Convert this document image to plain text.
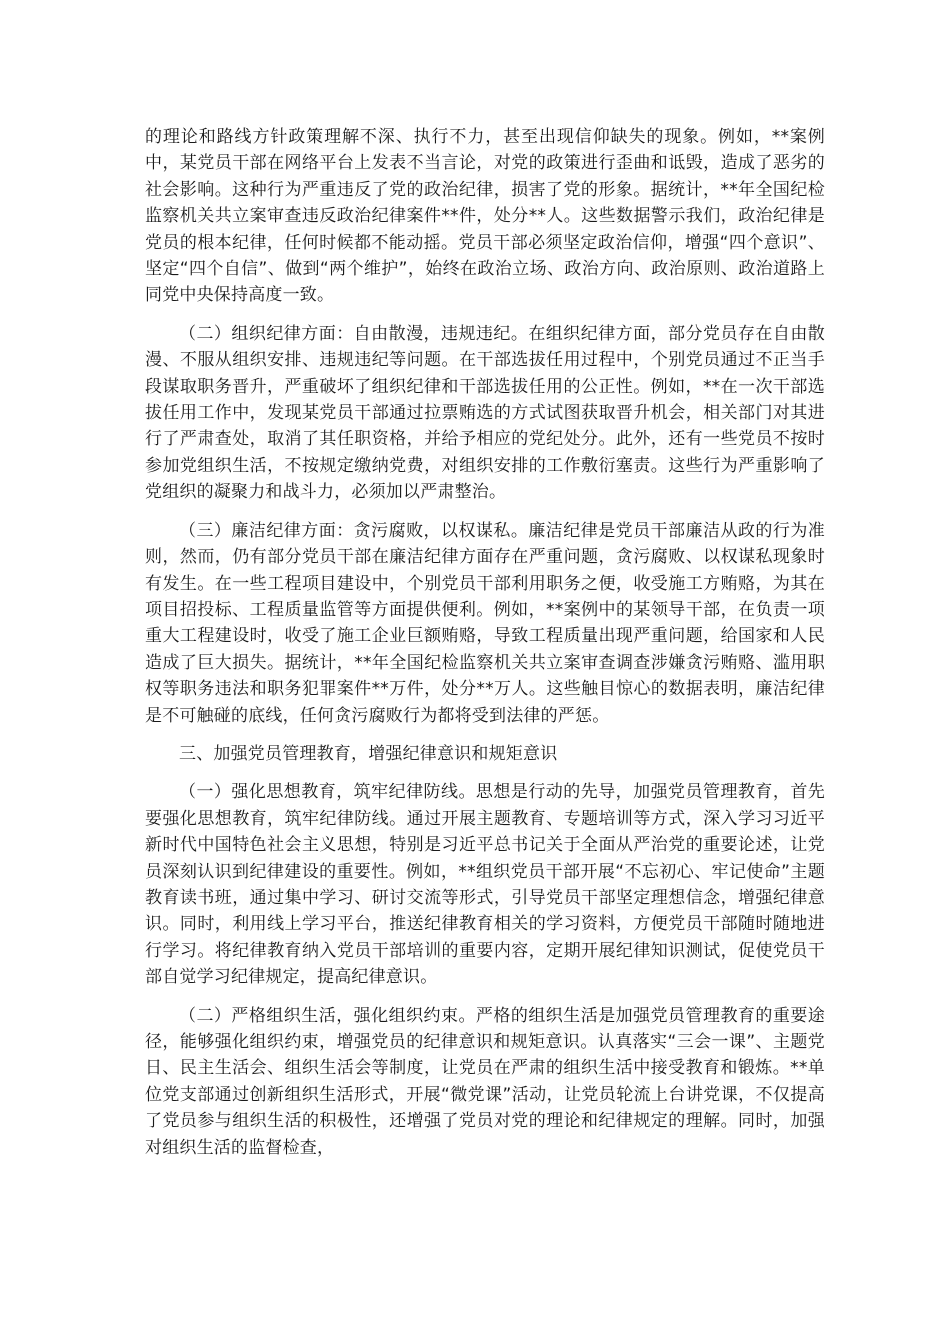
的理论和路线方针政策理解不深、执行不力，甚至出现信仰缺失的现象。例如，**案例中，某党员干部在网络平台上发表不当言论，对党的政策进行歪曲和诋毁，造成了恶劣的社会影响。这种行为严重违反了党的政治纪律，损害了党的形象。据统计，**年全国纪检监察机关共立案审查违反政治纪律案件**件，处分**人。这些数据警示我们，政治纪律是党员的根本纪律，任何时候都不能动摇。党员干部必须坚定政治信仰，增强“四个意识”、坚定“四个自信”、做到“两个维护”，始终在政治立场、政治方向、政治原则、政治道路上同党中央保持高度一致。

（二）组织纪律方面：自由散漫，违规违纪。在组织纪律方面，部分党员存在自由散漫、不服从组织安排、违规违纪等问题。在干部选拔任用过程中，个别党员通过不正当手段谋取职务晋升，严重破坏了组织纪律和干部选拔任用的公正性。例如，**在一次干部选拔任用工作中，发现某党员干部通过拉票贿选的方式试图获取晋升机会，相关部门对其进行了严肃查处，取消了其任职资格，并给予相应的党纪处分。此外，还有一些党员不按时参加党组织生活，不按规定缴纳党费，对组织安排的工作敷衍塞责。这些行为严重影响了党组织的凝聚力和战斗力，必须加以严肃整治。

（三）廉洁纪律方面：贪污腐败，以权谋私。廉洁纪律是党员干部廉洁从政的行为准则，然而，仍有部分党员干部在廉洁纪律方面存在严重问题，贪污腐败、以权谋私现象时有发生。在一些工程项目建设中，个别党员干部利用职务之便，收受施工方贿赂，为其在项目招投标、工程质量监管等方面提供便利。例如，**案例中的某领导干部，在负责一项重大工程建设时，收受了施工企业巨额贿赂，导致工程质量出现严重问题，给国家和人民造成了巨大损失。据统计，**年全国纪检监察机关共立案审查调查涉嫌贪污贿赂、滥用职权等职务违法和职务犯罪案件**万件，处分**万人。这些触目惊心的数据表明，廉洁纪律是不可触碰的底线，任何贪污腐败行为都将受到法律的严惩。

三、加强党员管理教育，增强纪律意识和规矩意识

（一）强化思想教育，筑牢纪律防线。思想是行动的先导，加强党员管理教育，首先要强化思想教育，筑牢纪律防线。通过开展主题教育、专题培训等方式，深入学习习近平新时代中国特色社会主义思想，特别是习近平总书记关于全面从严治党的重要论述，让党员深刻认识到纪律建设的重要性。例如，**组织党员干部开展“不忘初心、牢记使命”主题教育读书班，通过集中学习、研讨交流等形式，引导党员干部坚定理想信念，增强纪律意识。同时，利用线上学习平台，推送纪律教育相关的学习资料，方便党员干部随时随地进行学习。将纪律教育纳入党员干部培训的重要内容，定期开展纪律知识测试，促使党员干部自觉学习纪律规定，提高纪律意识。

（二）严格组织生活，强化组织约束。严格的组织生活是加强党员管理教育的重要途径，能够强化组织约束，增强党员的纪律意识和规矩意识。认真落实“三会一课”、主题党日、民主生活会、组织生活会等制度，让党员在严肃的组织生活中接受教育和锻炼。**单位党支部通过创新组织生活形式，开展“微党课”活动，让党员轮流上台讲党课，不仅提高了党员参与组织生活的积极性，还增强了党员对党的理论和纪律规定的理解。同时，加强对组织生活的监督检查，
